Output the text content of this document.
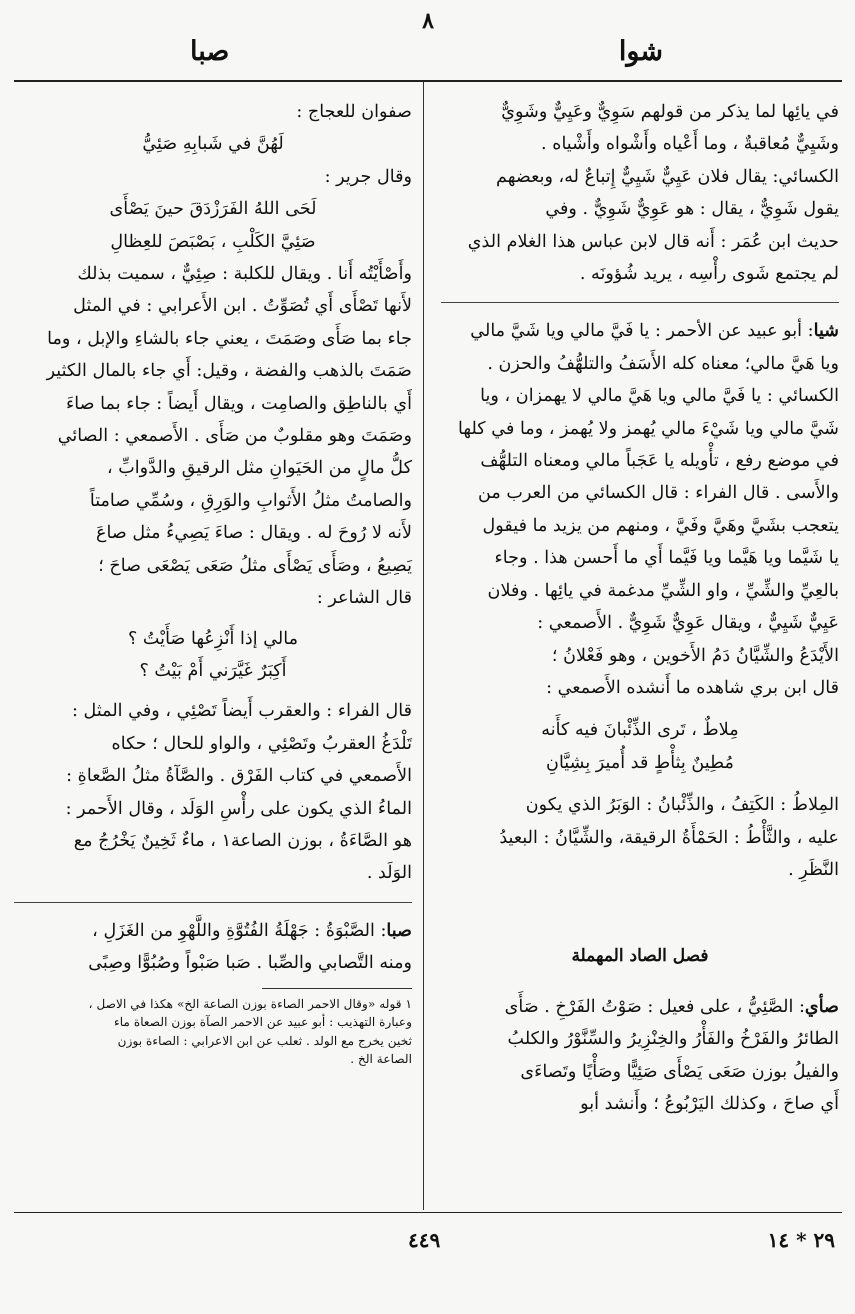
٨
شوا
صبا

في يائِها لما يذكر من قولهم سَوِيٌّ وعَيِيٌّ وشَوِيٌّ

وشَيِيٌّ مُعاقبةٌ ، وما أَعْياه وأَشْواه وأَشْياه .

الكسائي: يقال فلان عَيِيٌّ شَيِيٌّ إِتباعٌ له، وبعضهم

يقول شَوِيٌّ ، يقال : هو عَوِيٌّ شَوِيٌّ . وفي

حديث ابن عُمَر : أَنه قال لابن عباس هذا الغلام الذي

لم يجتمع شَوى رأْسِه ، يريد شُؤونَه .

شيا: أبو عبيد عن الأحمر : يا فَيَّ مالي ويا شَيَّ مالي

ويا هَيَّ مالي؛ معناه كله الأَسَفُ والتلهُّفُ والحزن .

الكسائي : يا فَيَّ مالي ويا هَيَّ مالي لا يهمزان ، ويا

شَيَّ مالي ويا شَيْءَ مالي يُهمز ولا يُهمز ، وما في كلها

في موضع رفع ، تأْويله يا عَجَباً مالي ومعناه التلهُّف

والأَسى . قال الفراء : قال الكسائي من العرب من

يتعجب بشَيَّ وهَيَّ وفَيَّ ، ومنهم من يزيد ما فيقول

يا شَيَّما ويا هَيَّما ويا فَيَّما أَي ما أَحسن هذا . وجاء

بالعِيِّ والشِّيِّ ، واو الشِّيِّ مدغمة في يائِها . وفلان

عَيِيٌّ شَيِيٌّ ، ويقال عَوِيٌّ شَوِيٌّ . الأَصمعي :

الأَيْدَعُ والشِّيَّانُ دَمُ الأَخوين ، وهو فَعْلانُ ؛

قال ابن بري شاهده ما أَنشده الأَصمعي :

مِلاطٌ ، تَرى الذِّئْبانَ فيه كأَنه

مُطِينٌ بِثأْطٍ قد أُميرَ بِشِيَّانِ

المِلاطُ : الكَتِفُ ، والذِّئْبانُ : الوَبَرُ الذي يكون

عليه ، والثَّأْطُ : الحَمْأَةُ الرقيقة، والشِّيَّانُ : البعيدُ

النَّظَرِ .

فصل الصاد المهملة

صأي: الصَّئِيُّ ، على فعيل : صَوْتُ الفَرْخِ . صَأَى

الطائرُ والفَرْخُ والفَأْرُ والخِنْزِيرُ والسِّنَّوْرُ والكلبُ

والفيلُ بوزن صَعَى يَصْأَى صَئِيًّا وصَأْيًا وتَصاءَى

أَي صاحَ ، وكذلك اليَرْبُوعُ ؛ وأَنشد أبو

صفوان للعجاج :

لَهُنَّ في شَبابِهِ صَئِيُّ

وقال جرير :

لَحَى اللهُ الفَرَزْدَقَ حينَ يَصْأَى

صَئِيَّ الكَلْبِ ، بَصْبَصَ للعِظالِ

وأَصْأَيْتُه أَنا . ويقال للكلبة : صِئِيٌّ ، سميت بذلك

لأَنها تَصْأَى أَي تُصَوِّتُ . ابن الأَعرابي : في المثل

جاء بما صَأَى وصَمَتَ ، يعني جاء بالشاءِ والإبل ، وما

صَمَتَ بالذهب والفضة ، وقيل: أَي جاء بالمال الكثير

أَي بالناطِق والصامِت ، ويقال أَيضاً : جاء بما صاءَ

وصَمَتَ وهو مقلوبٌ من صَأَى . الأَصمعي : الصائي

كلُّ مالٍ من الحَيَوانِ مثل الرقيقِ والدَّوابِّ ،

والصامتُ مثلُ الأَثوابِ والوَرِقِ ، وسُمِّي صامتاً

لأَنه لا رُوحَ له . ويقال : صاءَ يَصِيءُ مثل صاعَ

يَصِيعُ ، وصَأَى يَصْأَى مثلُ صَعَى يَصْعَى صاحَ ؛

قال الشاعر :

مالي إذا أَنْزِعُها صَأَيْتُ ؟

أَكِبَرٌ غَيَّرَني أَمْ بَيْتُ ؟

قال الفراء : والعقرب أَيضاً تَصْئِي ، وفي المثل :

تَلْدَغُ العقربُ وتَصْئِي ، والواو للحال ؛ حكاه

الأَصمعي في كتاب الفَرْق . والصَّآةُ مثلُ الصَّعاةِ :

الماءُ الذي يكون على رأْسِ الوَلَد ، وقال الأَحمر :

هو الصَّاءَةُ ، بوزن الصاعة١ ، ماءٌ ثَخِينٌ يَخْرُجُ مع

الوَلَد .

صبا: الصَّبْوَةُ : جَهْلَةُ الفُتُوَّةِ واللَّهْوِ من الغَزَلِ ،

ومنه التَّصابي والصِّبا . صَبا صَبْواً وصُبُوًّا وصِبًى

١ قوله «وقال الاحمر الصاءة بوزن الصاعة الخ» هكذا في الاصل ،

وعبارة التهذيب : أبو عبيد عن الاحمر الصآة بوزن الصعاة ماء

ثخين يخرج مع الولد . ثعلب عن ابن الاعرابي : الصاءة بوزن

الصاعة الخ .

٤٤٩	٢٩ * ١٤
